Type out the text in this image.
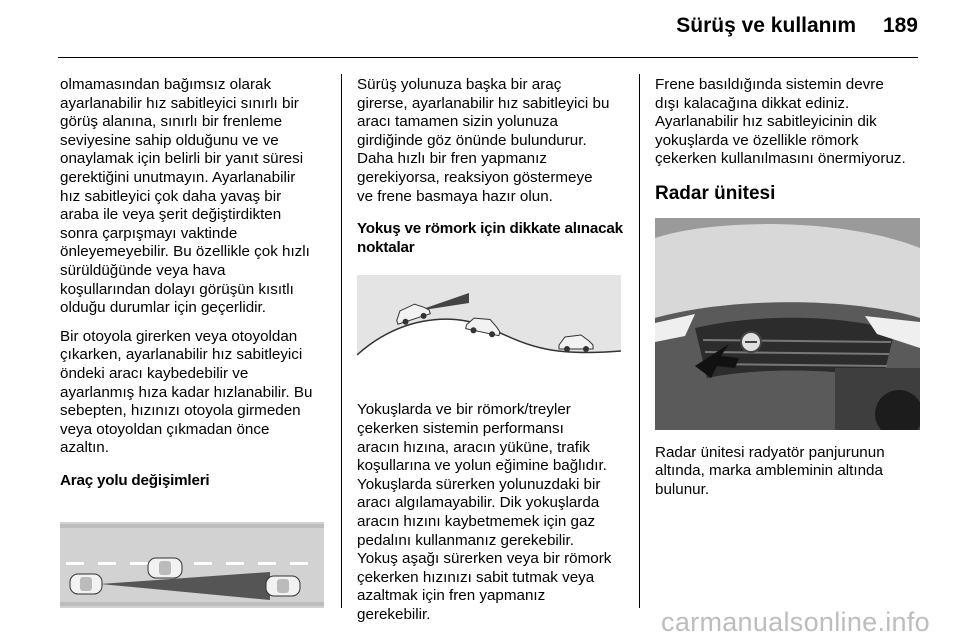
Sürüş ve kullanım 189

olmamasından bağımsız olarak
ayarlanabilir hız sabitleyici sınırlı bir
görüş alanına, sınırlı bir frenleme
seviyesine sahip olduğunu ve ve
onaylamak için belirli bir yanıt süresi
gerektiğini unutmayın. Ayarlanabilir
hız sabitleyici çok daha yavaş bir
araba ile veya şerit değiştirdikten
sonra çarpışmayı vaktinde
önleyemeyebilir. Bu özellikle çok hızlı
sürüldüğünde veya hava
koşullarından dolayı görüşün kısıtlı
olduğu durumlar için geçerlidir.

Bir otoyola girerken veya otoyoldan
çıkarken, ayarlanabilir hız sabitleyici
öndeki aracı kaybedebilir ve
ayarlanmış hıza kadar hızlanabilir. Bu
sebepten, hızınızı otoyola girmeden
veya otoyoldan çıkmadan önce
azaltın.

Araç yolu değişimleri

Sürüş yolunuza başka bir araç
girerse, ayarlanabilir hız sabitleyici bu
aracı tamamen sizin yolunuza
girdiğinde göz önünde bulundurur.
Daha hızlı bir fren yapmanız
gerekiyorsa, reaksiyon göstermeye
ve frene basmaya hazır olun.

Yokuş ve römork için dikkate alınacak
noktalar

Yokuşlarda ve bir römork/treyler
çekerken sistemin performansı
aracın hızına, aracın yüküne, trafik
koşullarına ve yolun eğimine bağlıdır.
Yokuşlarda sürerken yolunuzdaki bir
aracı algılamayabilir. Dik yokuşlarda
aracın hızını kaybetmemek için gaz
pedalını kullanmanız gerekebilir.
Yokuş aşağı sürerken veya bir römork
çekerken hızınızı sabit tutmak veya
azaltmak için fren yapmanız
gerekebilir.

Frene basıldığında sistemin devre
dışı kalacağına dikkat ediniz.
Ayarlanabilir hız sabitleyicinin dik
yokuşlarda ve özellikle römork
çekerken kullanılmasını önermiyoruz.

Radar ünitesi

Radar ünitesi radyatör panjurunun
altında, marka ambleminin altında
bulunur.

carmanualsonline.info
